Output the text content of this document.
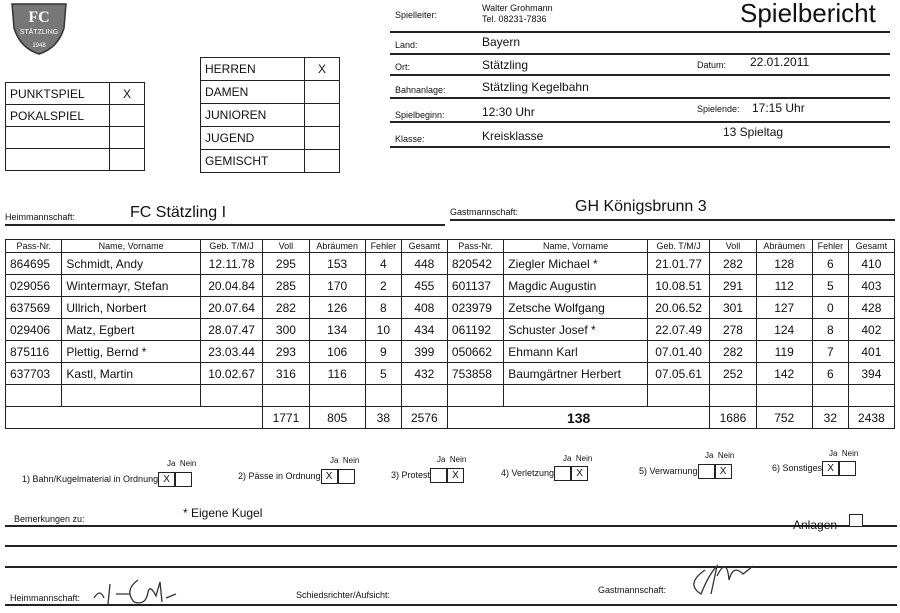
FC
STÄTZLING
1948
Spielbericht
PUNKTSPIEL	X
POKALSPIEL	

HERREN	X
DAMEN	
JUNIOREN	
JUGEND	
GEMISCHT	
Spielleiter:
Walter Grohmann
Tel. 08231-7836
Land:	Bayern
Ort:	Stätzling	Datum: 22.01.2011
Bahnanlage:	Stätzling Kegelbahn
Spielbeginn:	12:30 Uhr	Spielende: 17:15 Uhr
Klasse:	Kreisklasse	13 Spieltag
Heimmannschaft:	FC Stätzling I	Gastmannschaft:	GH Königsbrunn 3
Pass-Nr.	Name, Vorname	Geb. T/M/J	Voll	Abräumen	Fehler	Gesamt	Pass-Nr.	Name, Vorname	Geb. T/M/J	Voll	Abräumen	Fehler	Gesamt
864695	Schmidt, Andy	12.11.78	295	153	4	448	820542	Ziegler Michael *	21.01.77	282	128	6	410
029056	Wintermayr, Stefan	20.04.84	285	170	2	455	601137	Magdic Augustin	10.08.51	291	112	5	403
637569	Ullrich, Norbert	20.07.64	282	126	8	408	023979	Zetsche Wolfgang	20.06.52	301	127	0	428
029406	Matz, Egbert	28.07.47	300	134	10	434	061192	Schuster Josef *	22.07.49	278	124	8	402
875116	Plettig, Bernd *	23.03.44	293	106	9	399	050662	Ehmann Karl	07.01.40	282	119	7	401
637703	Kastl, Martin	10.02.67	316	116	5	432	753858	Baumgärtner Herbert	07.05.61	252	142	6	394

			1771	805	38	2576	138			1686	752	32	2438
Ja Nein
1) Bahn/Kugelmaterial in Ordnung X
Ja Nein
2) Pässe in Ordnung X
Ja Nein
3) Protest X
Ja Nein
4) Verletzung X
Ja Nein
5) Verwarnung X
Ja Nein
6) Sonstiges X
Bemerkungen zu:	* Eigene Kugel
Anlagen
Heimmannschaft:	Schiedsrichter/Aufsicht:	Gastmannschaft:
